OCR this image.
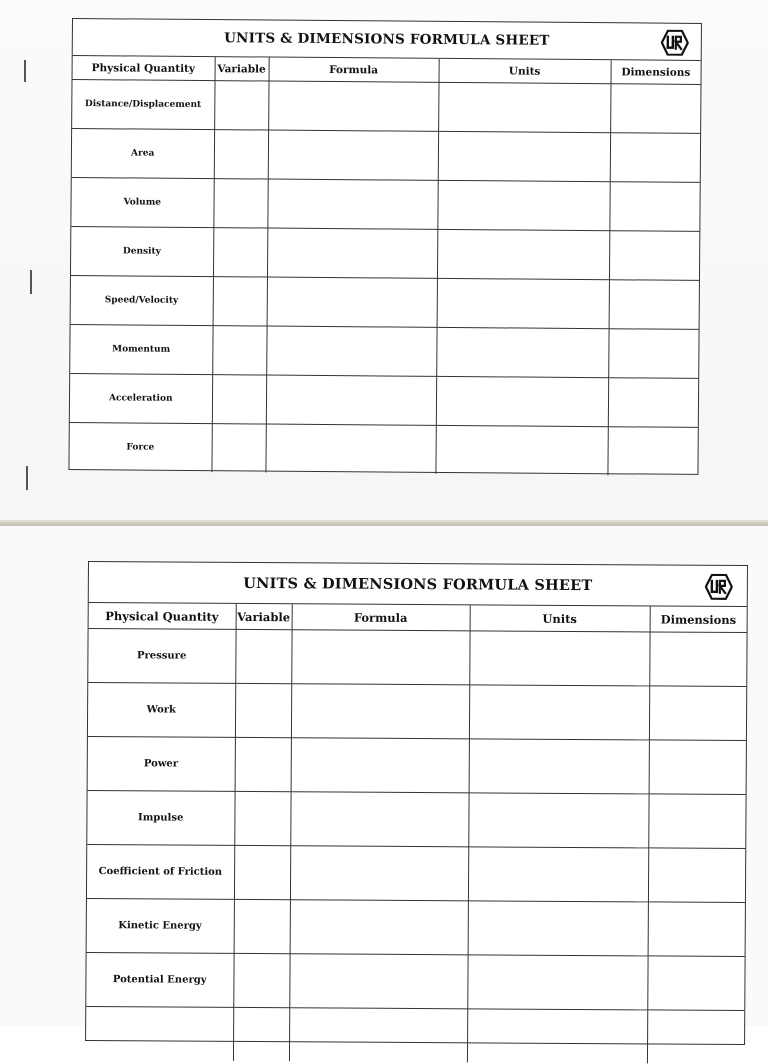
UNITS & DIMENSIONS FORMULA SHEET
Physical Quantity	Variable	Formula	Units	Dimensions
Distance/Displacement				
Area				
Volume				
Density				
Speed/Velocity				
Momentum				
Acceleration				
Force				
UNITS & DIMENSIONS FORMULA SHEET
Physical Quantity	Variable	Formula	Units	Dimensions
Pressure				
Work				
Power				
Impulse				
Coefficient of Friction				
Kinetic Energy				
Potential Energy				
